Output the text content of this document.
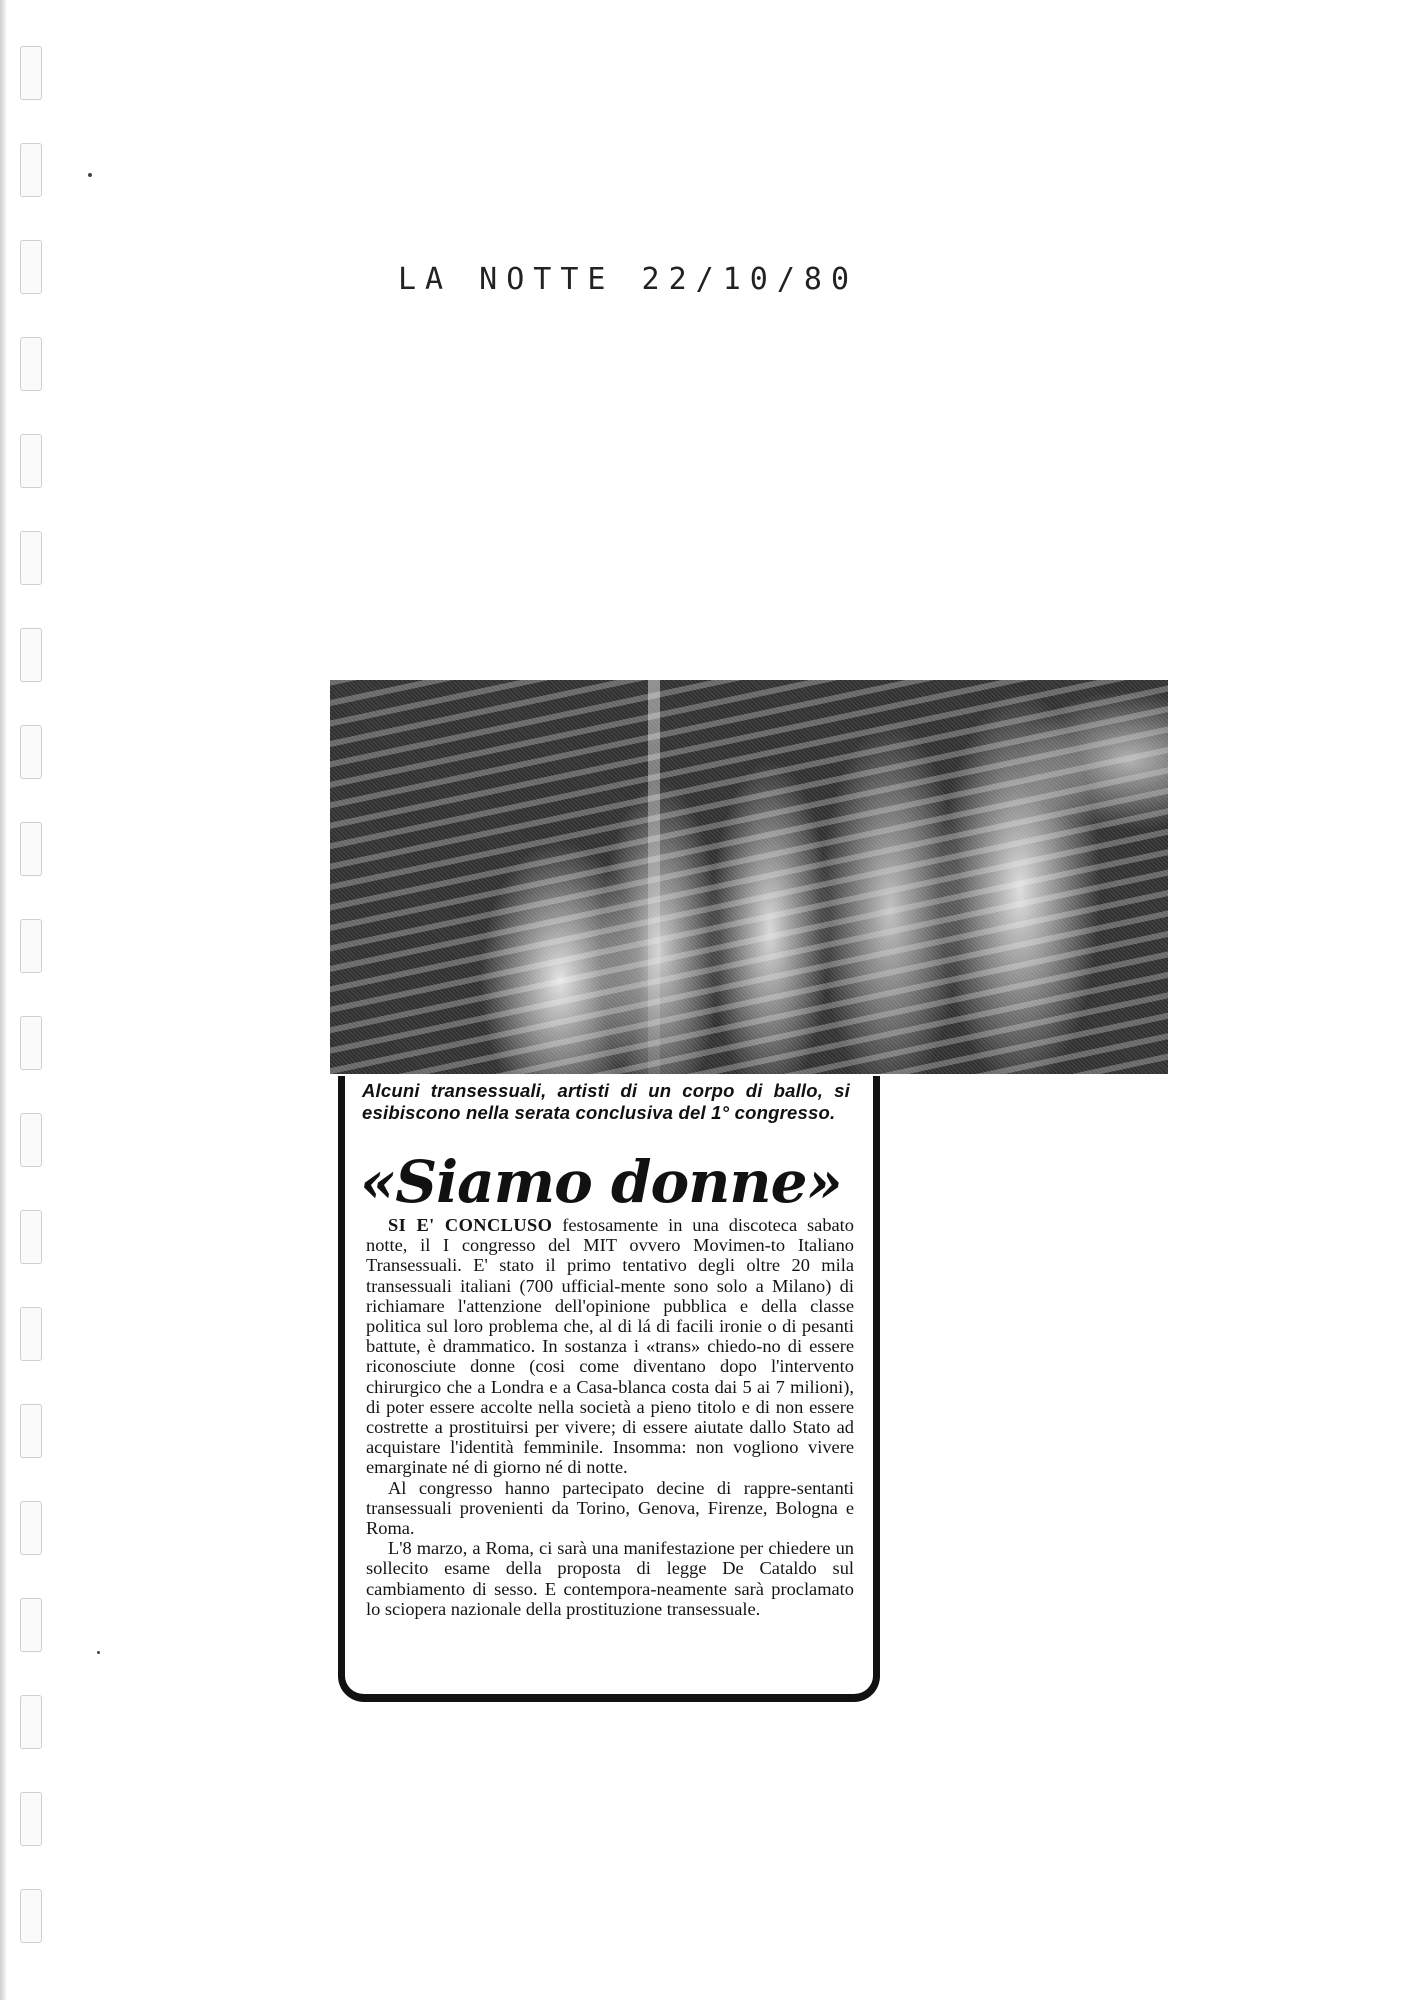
LA NOTTE 22/10/80
Alcuni transessuali, artisti di un corpo di ballo, si esibiscono nella serata conclusiva del 1° congresso.
«Siamo donne»

SI E' CONCLUSO festosamente in una discoteca sabato notte, il I congresso del MIT ovvero Movimen-to Italiano Transessuali. E' stato il primo tentativo degli oltre 20 mila transessuali italiani (700 ufficial-mente sono solo a Milano) di richiamare l'attenzione dell'opinione pubblica e della classe politica sul loro problema che, al di lá di facili ironie o di pesanti battute, è drammatico. In sostanza i «trans» chiedo-no di essere riconosciute donne (cosi come diventano dopo l'intervento chirurgico che a Londra e a Casa-blanca costa dai 5 ai 7 milioni), di poter essere accolte nella società a pieno titolo e di non essere costrette a prostituirsi per vivere; di essere aiutate dallo Stato ad acquistare l'identità femminile. Insomma: non vogliono vivere emarginate né di giorno né di notte.

Al congresso hanno partecipato decine di rappre-sentanti transessuali provenienti da Torino, Genova, Firenze, Bologna e Roma.

L'8 marzo, a Roma, ci sarà una manifestazione per chiedere un sollecito esame della proposta di legge De Cataldo sul cambiamento di sesso. E contempora-neamente sarà proclamato lo sciopera nazionale della prostituzione transessuale.
